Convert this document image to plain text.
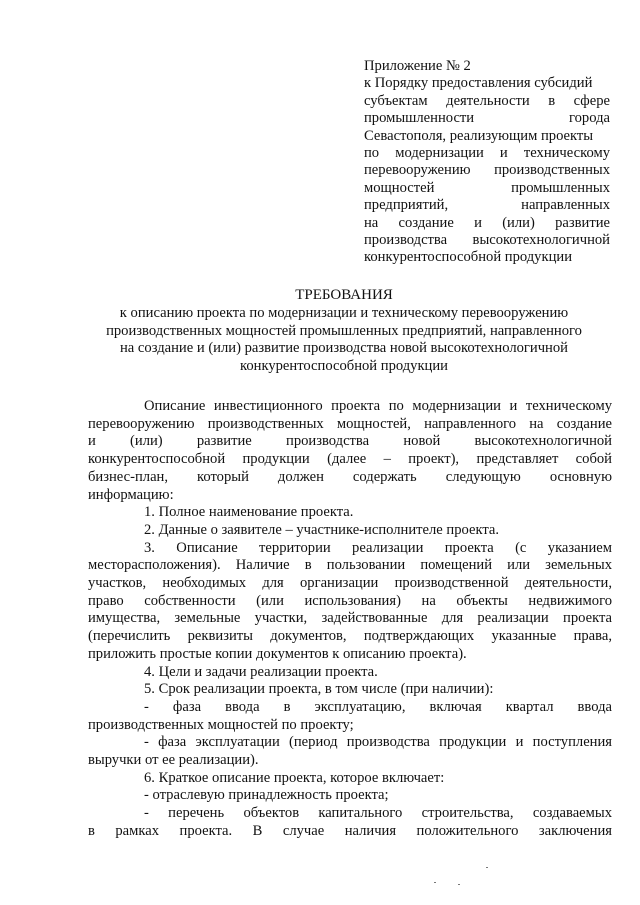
Приложение № 2
к Порядку предоставления субсидий
субъектам деятельности в сфере
промышленности города
Севастополя, реализующим проекты
по модернизации и техническому
перевооружению производственных
мощностей промышленных
предприятий, направленных
на создание и (или) развитие
производства высокотехнологичной
конкурентоспособной продукции
ТРЕБОВАНИЯ
к описанию проекта по модернизации и техническому перевооружению
производственных мощностей промышленных предприятий, направленного
на создание и (или) развитие производства новой высокотехнологичной
конкурентоспособной продукции
Описание инвестиционного проекта по модернизации и техническому
перевооружению производственных мощностей, направленного на создание
и (или) развитие производства новой высокотехнологичной
конкурентоспособной продукции (далее – проект), представляет собой
бизнес-план, который должен содержать следующую основную
информацию:
1. Полное наименование проекта.
2. Данные о заявителе – участнике-исполнителе проекта.
3. Описание территории реализации проекта (с указанием
месторасположения). Наличие в пользовании помещений или земельных
участков, необходимых для организации производственной деятельности,
право собственности (или использования) на объекты недвижимого
имущества, земельные участки, задействованные для реализации проекта
(перечислить реквизиты документов, подтверждающих указанные права,
приложить простые копии документов к описанию проекта).
4. Цели и задачи реализации проекта.
5. Срок реализации проекта, в том числе (при наличии):
- фаза ввода в эксплуатацию, включая квартал ввода
производственных мощностей по проекту;
- фаза эксплуатации (период производства продукции и поступления
выручки от ее реализации).
6. Краткое описание проекта, которое включает:
- отраслевую принадлежность проекта;
- перечень объектов капитального строительства, создаваемых
в рамках проекта. В случае наличия положительного заключения
